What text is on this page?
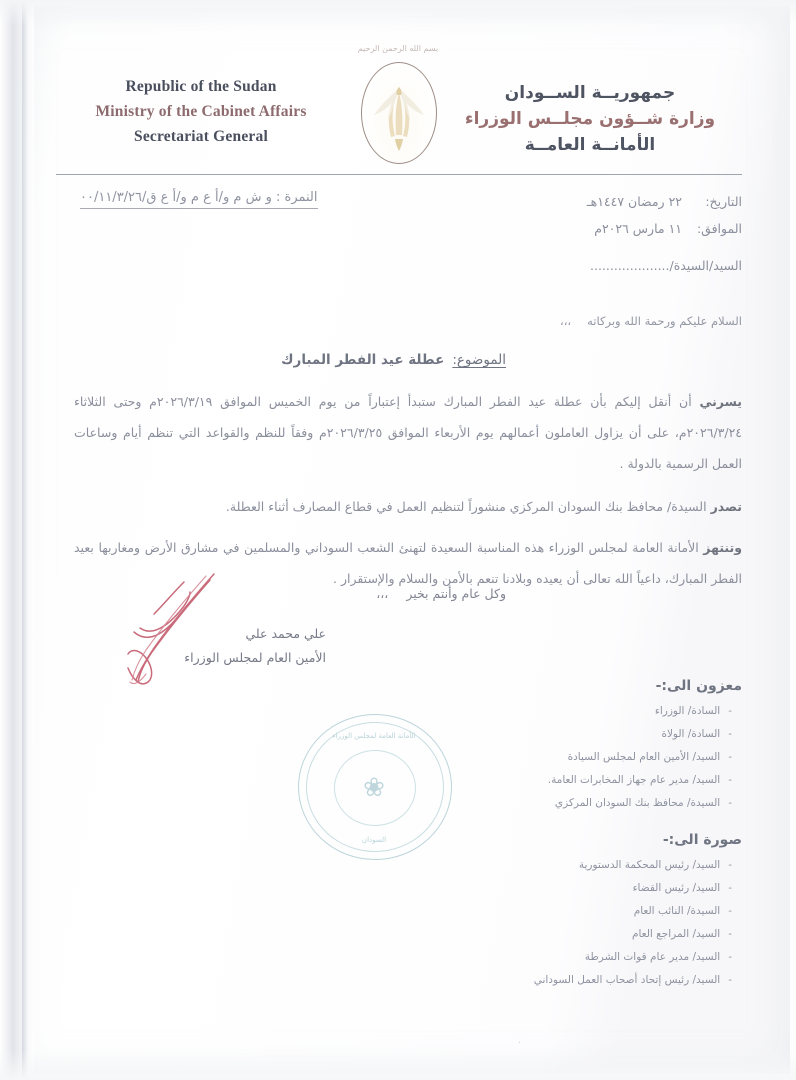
Republic of the Sudan
Ministry of the Cabinet Affairs
Secretariat General
بسم الله الرحمن الرحيم
جمهوريــة الســودان
وزارة شــؤون مجلــس الوزراء
الأمانــة العامــة
النمرة : و ش م و/أ ع م و/أ ع ق/٠٠/١١/٣/٢٦	التاريخ:
٢٢ رمضان ١٤٤٧هـ
الموافق:
١١ مارس ٢٠٢٦م
السيد/السيدة/....................
السلام عليكم ورحمة الله وبركاته،،،
الموضوع:عطلة عيد الفطر المبارك

يسرني أن أنقل إليكم بأن عطلة عيد الفطر المبارك ستبدأ إعتباراً من يوم الخميس الموافق ٢٠٢٦/٣/١٩م وحتى الثلاثاء ٢٠٢٦/٣/٢٤م، على أن يزاول العاملون أعمالهم يوم الأربعاء الموافق ٢٠٢٦/٣/٢٥م وفقاً للنظم والقواعد التي تنظم أيام وساعات العمل الرسمية بالدولة .

تصدر السيدة/ محافظ بنك السودان المركزي منشوراً لتنظيم العمل في قطاع المصارف أثناء العطلة.

وتنتهز الأمانة العامة لمجلس الوزراء هذه المناسبة السعيدة لتهنئ الشعب السوداني والمسلمين في مشارق الأرض ومغاربها بعيد الفطر المبارك، داعياً الله تعالى أن يعيده وبلادنا تنعم بالأمن والسلام والإستقرار .

وكل عام وأنتم بخير،،،
علي محمد علي
الأمين العام لمجلس الوزراء
الأمانة العامة لمجلس الوزراء
السودان
❀
معزون الى:-
-
السادة/ الوزراء
-
السادة/ الولاة
-
السيد/ الأمين العام لمجلس السيادة
-
السيد/ مدير عام جهاز المخابرات العامة.
-
السيدة/ محافظ بنك السودان المركزي
صورة الى:-
-
السيد/ رئيس المحكمة الدستورية
-
السيد/ رئيس القضاء
-
السيدة/ النائب العام
-
السيد/ المراجع العام
-
السيد/ مدير عام قوات الشرطة
-
السيد/ رئيس إتحاد أصحاب العمل السوداني
.
